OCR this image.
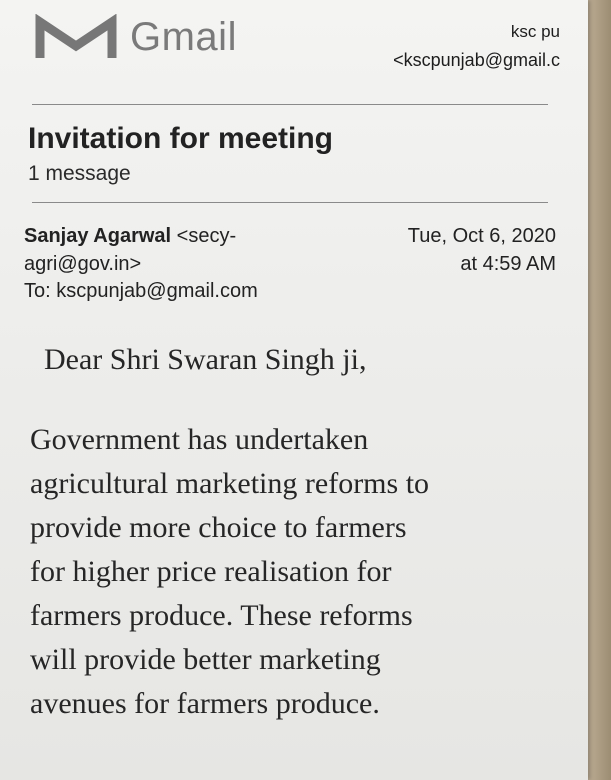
Gmail	ksc pu
<kscpunjab@gmail.c
Invitation for meeting
1 message
Sanjay Agarwal <secy-agri@gov.in>
Tue, Oct 6, 2020
at 4:59 AM
To: kscpunjab@gmail.com

Dear Shri Swaran Singh ji,

Government has undertaken
agricultural marketing reforms to
provide more choice to farmers
for higher price realisation for
farmers produce. These reforms
will provide better marketing
avenues for farmers produce.
